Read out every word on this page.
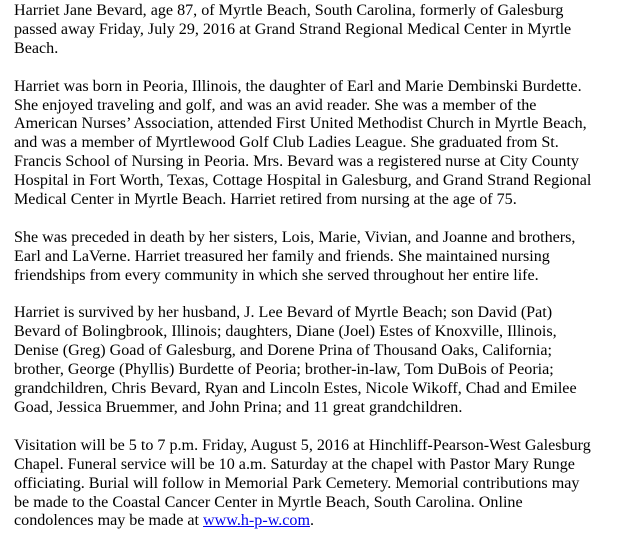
Harriet Jane Bevard, age 87, of Myrtle Beach, South Carolina, formerly of Galesburg
passed away Friday, July 29, 2016 at Grand Strand Regional Medical Center in Myrtle
Beach.

Harriet was born in Peoria, Illinois, the daughter of Earl and Marie Dembinski Burdette.
She enjoyed traveling and golf, and was an avid reader. She was a member of the
American Nurses’ Association, attended First United Methodist Church in Myrtle Beach,
and was a member of Myrtlewood Golf Club Ladies League. She graduated from St.
Francis School of Nursing in Peoria. Mrs. Bevard was a registered nurse at City County
Hospital in Fort Worth, Texas, Cottage Hospital in Galesburg, and Grand Strand Regional
Medical Center in Myrtle Beach. Harriet retired from nursing at the age of 75.

She was preceded in death by her sisters, Lois, Marie, Vivian, and Joanne and brothers,
Earl and LaVerne. Harriet treasured her family and friends. She maintained nursing
friendships from every community in which she served throughout her entire life.

Harriet is survived by her husband, J. Lee Bevard of Myrtle Beach; son David (Pat)
Bevard of Bolingbrook, Illinois; daughters, Diane (Joel) Estes of Knoxville, Illinois,
Denise (Greg) Goad of Galesburg, and Dorene Prina of Thousand Oaks, California;
brother, George (Phyllis) Burdette of Peoria; brother-in-law, Tom DuBois of Peoria;
grandchildren, Chris Bevard, Ryan and Lincoln Estes, Nicole Wikoff, Chad and Emilee
Goad, Jessica Bruemmer, and John Prina; and 11 great grandchildren.

Visitation will be 5 to 7 p.m. Friday, August 5, 2016 at Hinchliff-Pearson-West Galesburg
Chapel. Funeral service will be 10 a.m. Saturday at the chapel with Pastor Mary Runge
officiating. Burial will follow in Memorial Park Cemetery. Memorial contributions may
be made to the Coastal Cancer Center in Myrtle Beach, South Carolina. Online
condolences may be made at www.h-p-w.com.
